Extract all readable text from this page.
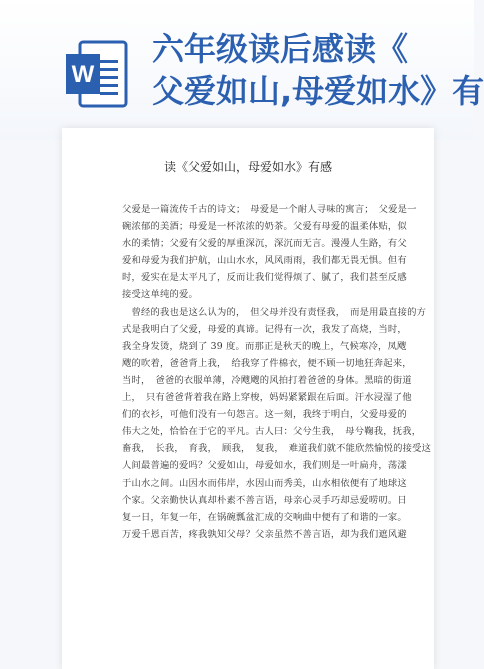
W
六年级读后感读《
父爱如山,母爱如水》有
读《父爱如山，母爱如水》有感
父爱是一篇流传千古的诗文；　母爱是一个耐人寻味的寓言；　父爱是一
碗浓郁的美酒；母爱是一杯浓浓的奶茶。父爱有母爱的温柔体贴，似
水的柔情；父爱有父爱的厚重深沉，深沉而无言。漫漫人生路，有父
爱和母爱为我们护航，山山水水，风风雨雨，我们都无畏无惧。但有
时，爱实在是太平凡了，反而让我们觉得烦了、腻了，我们甚至反感
接受这单纯的爱。
　曾经的我也是这么认为的，　但父母并没有责怪我，　而是用最直接的方
式是我明白了父爱，母爱的真谛。记得有一次，我发了高烧，当时，
我全身发烫，烧到了 39 度。而那正是秋天的晚上，气候寒冷，凤飕
飕的吹着，爸爸背上我，　给我穿了件棉衣，便不顾一切地狂奔起来，
当时，　爸爸的衣服单薄，冷飕飕的风拍打着爸爸的身体。黑暗的街道
上，　只有爸爸背着我在路上穿梭，妈妈紧紧跟在后面。汗水浸湿了他
们的衣衫，可他们没有一句怨言。这一刻，我终于明白，父爱母爱的
伟大之处，恰恰在于它的平凡。古人曰：父兮生我，　母兮鞠我，抚我，
畜我，　长我，　育我，　顾我，　复我，　难道我们就不能欣然愉悦的接受这
人间最普遍的爱吗？父爱如山，母爱如水，我们则是一叶扁舟，荡漾
于山水之间。山因水而伟岸，水因山而秀美，山水相依便有了地球这
个家。父亲勤快认真却朴素不善言语，母亲心灵手巧却忌爱唠叨。日
复一日，年复一年，在锅碗瓢盆汇成的交响曲中便有了和谐的一家。
万爱千恩百苦，疼我孰知父母？父亲虽然不善言语，却为我们遮风避
